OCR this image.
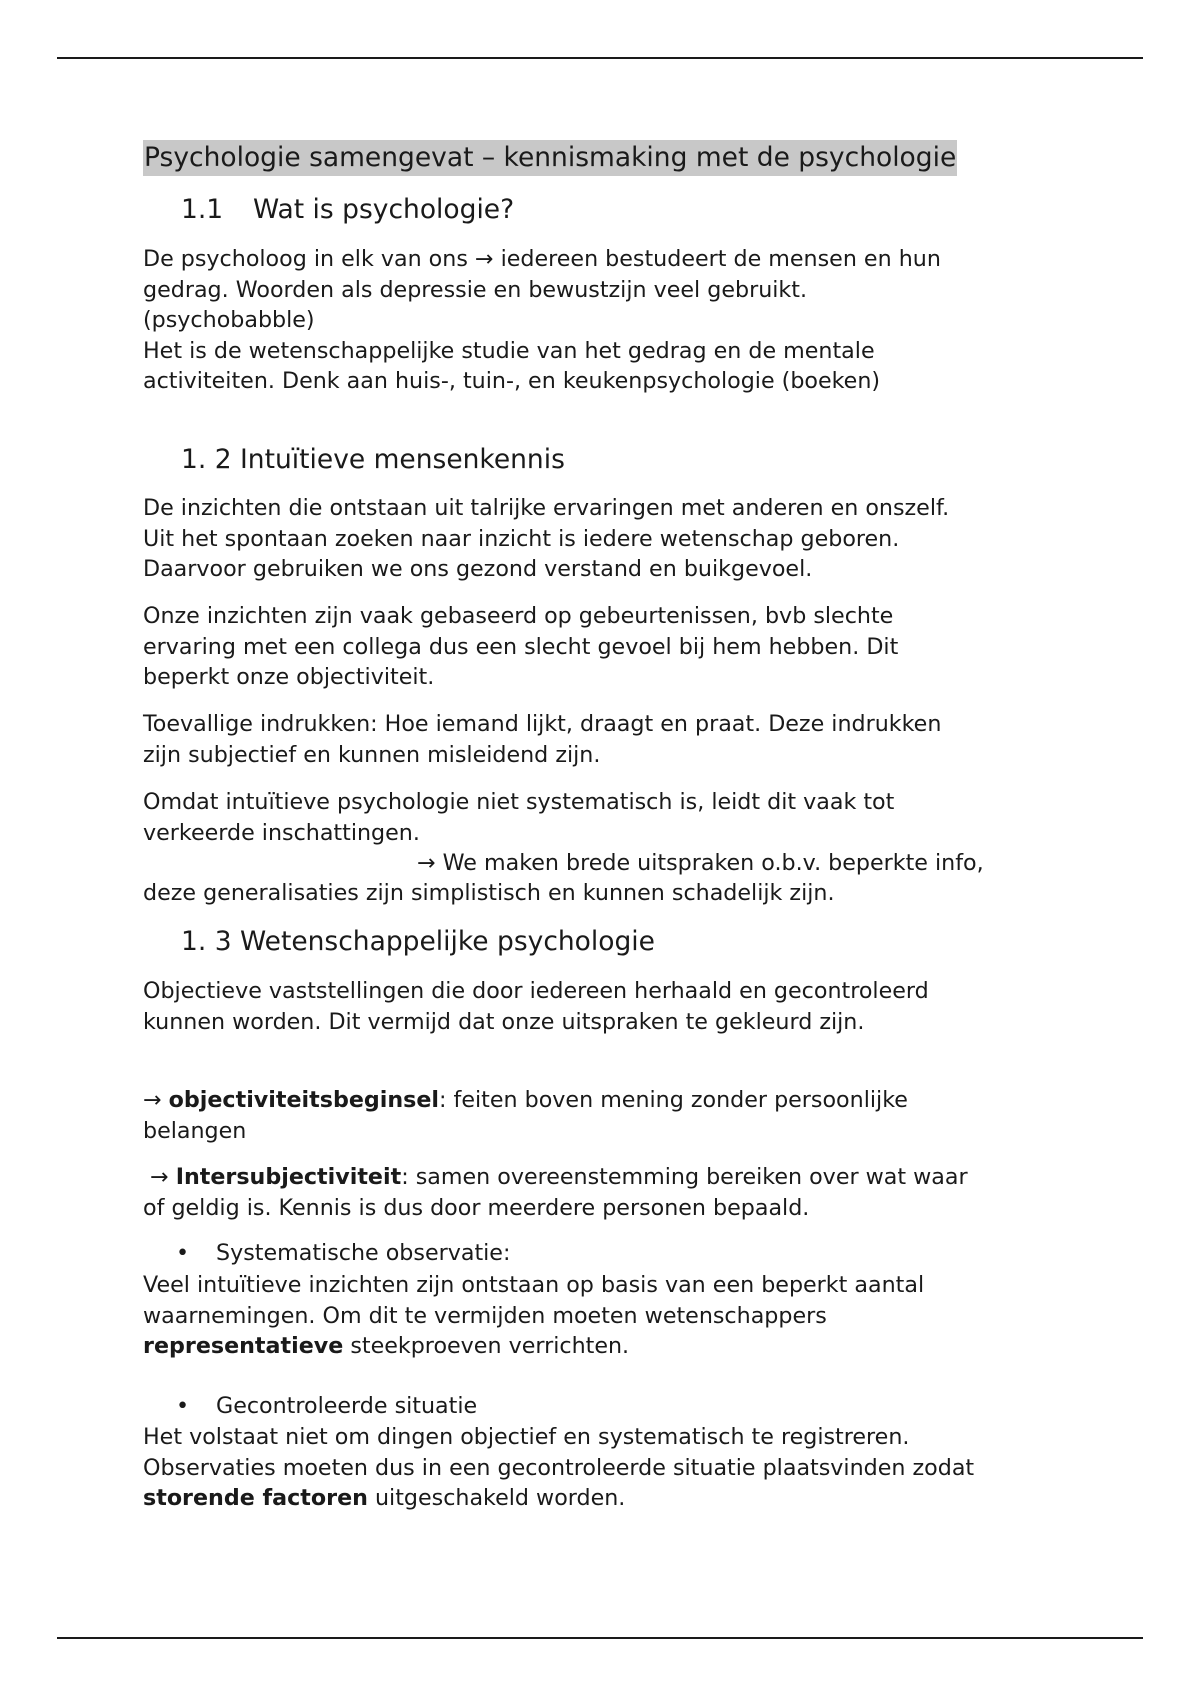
Psychologie samengevat – kennismaking met de psychologie
1.1 Wat is psychologie?

De psycholoog in elk van ons → iedereen bestudeert de mensen en hun
gedrag. Woorden als depressie en bewustzijn veel gebruikt.
(psychobabble)
Het is de wetenschappelijke studie van het gedrag en de mentale
activiteiten. Denk aan huis-, tuin-, en keukenpsychologie (boeken)

1. 2 Intuïtieve mensenkennis

De inzichten die ontstaan uit talrijke ervaringen met anderen en onszelf.
Uit het spontaan zoeken naar inzicht is iedere wetenschap geboren.
Daarvoor gebruiken we ons gezond verstand en buikgevoel.

Onze inzichten zijn vaak gebaseerd op gebeurtenissen, bvb slechte
ervaring met een collega dus een slecht gevoel bij hem hebben. Dit
beperkt onze objectiviteit.

Toevallige indrukken: Hoe iemand lijkt, draagt en praat. Deze indrukken
zijn subjectief en kunnen misleidend zijn.

Omdat intuïtieve psychologie niet systematisch is, leidt dit vaak tot
verkeerde inschattingen.

→ We maken brede uitspraken o.b.v. beperkte info,

deze generalisaties zijn simplistisch en kunnen schadelijk zijn.

1. 3 Wetenschappelijke psychologie

Objectieve vaststellingen die door iedereen herhaald en gecontroleerd
kunnen worden. Dit vermijd dat onze uitspraken te gekleurd zijn.

→ objectiviteitsbeginsel: feiten boven mening zonder persoonlijke
belangen

→ Intersubjectiviteit: samen overeenstemming bereiken over wat waar
of geldig is. Kennis is dus door meerdere personen bepaald.

• Systematische observatie:

Veel intuïtieve inzichten zijn ontstaan op basis van een beperkt aantal
waarnemingen. Om dit te vermijden moeten wetenschappers
representatieve steekproeven verrichten.

• Gecontroleerde situatie

Het volstaat niet om dingen objectief en systematisch te registreren.
Observaties moeten dus in een gecontroleerde situatie plaatsvinden zodat
storende factoren uitgeschakeld worden.
